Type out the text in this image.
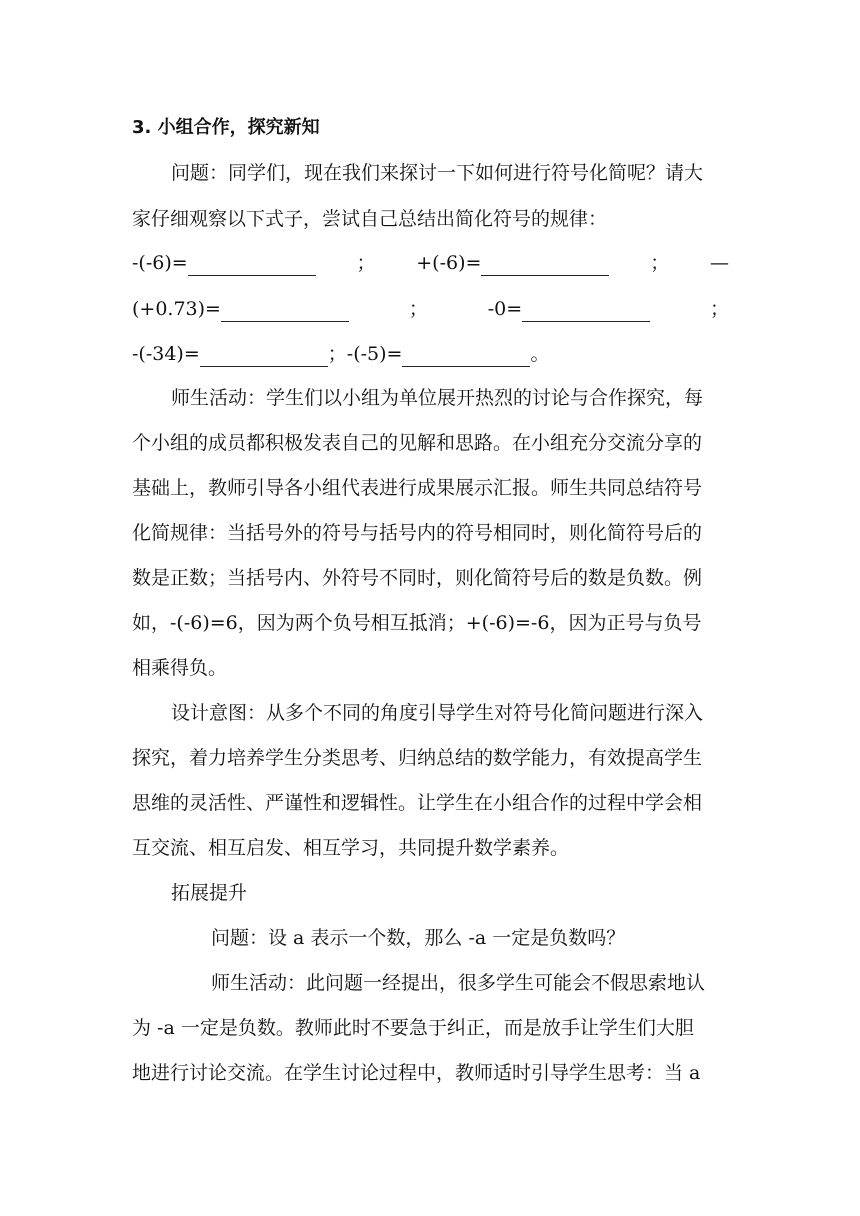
3. 小组合作，探究新知
问题：同学们，现在我们来探讨一下如何进行符号化简呢？请大
家仔细观察以下式子，尝试自己总结出简化符号的规律：
-(-6)=	； +(-6)=	； —
(+0.73)=	；	-0=	；
-(-34)=	；-(-5)=	。
师生活动：学生们以小组为单位展开热烈的讨论与合作探究，每
个小组的成员都积极发表自己的见解和思路。在小组充分交流分享的
基础上，教师引导各小组代表进行成果展示汇报。师生共同总结符号
化简规律：当括号外的符号与括号内的符号相同时，则化简符号后的
数是正数；当括号内、外符号不同时，则化简符号后的数是负数。例
如，-(-6)=6，因为两个负号相互抵消；+(-6)=-6，因为正号与负号
相乘得负。
设计意图：从多个不同的角度引导学生对符号化简问题进行深入
探究，着力培养学生分类思考、归纳总结的数学能力，有效提高学生
思维的灵活性、严谨性和逻辑性。让学生在小组合作的过程中学会相
互交流、相互启发、相互学习，共同提升数学素养。
拓展提升
问题：设 a 表示一个数，那么 -a 一定是负数吗？
师生活动：此问题一经提出，很多学生可能会不假思索地认
为 -a 一定是负数。教师此时不要急于纠正，而是放手让学生们大胆
地进行讨论交流。在学生讨论过程中，教师适时引导学生思考：当 a
